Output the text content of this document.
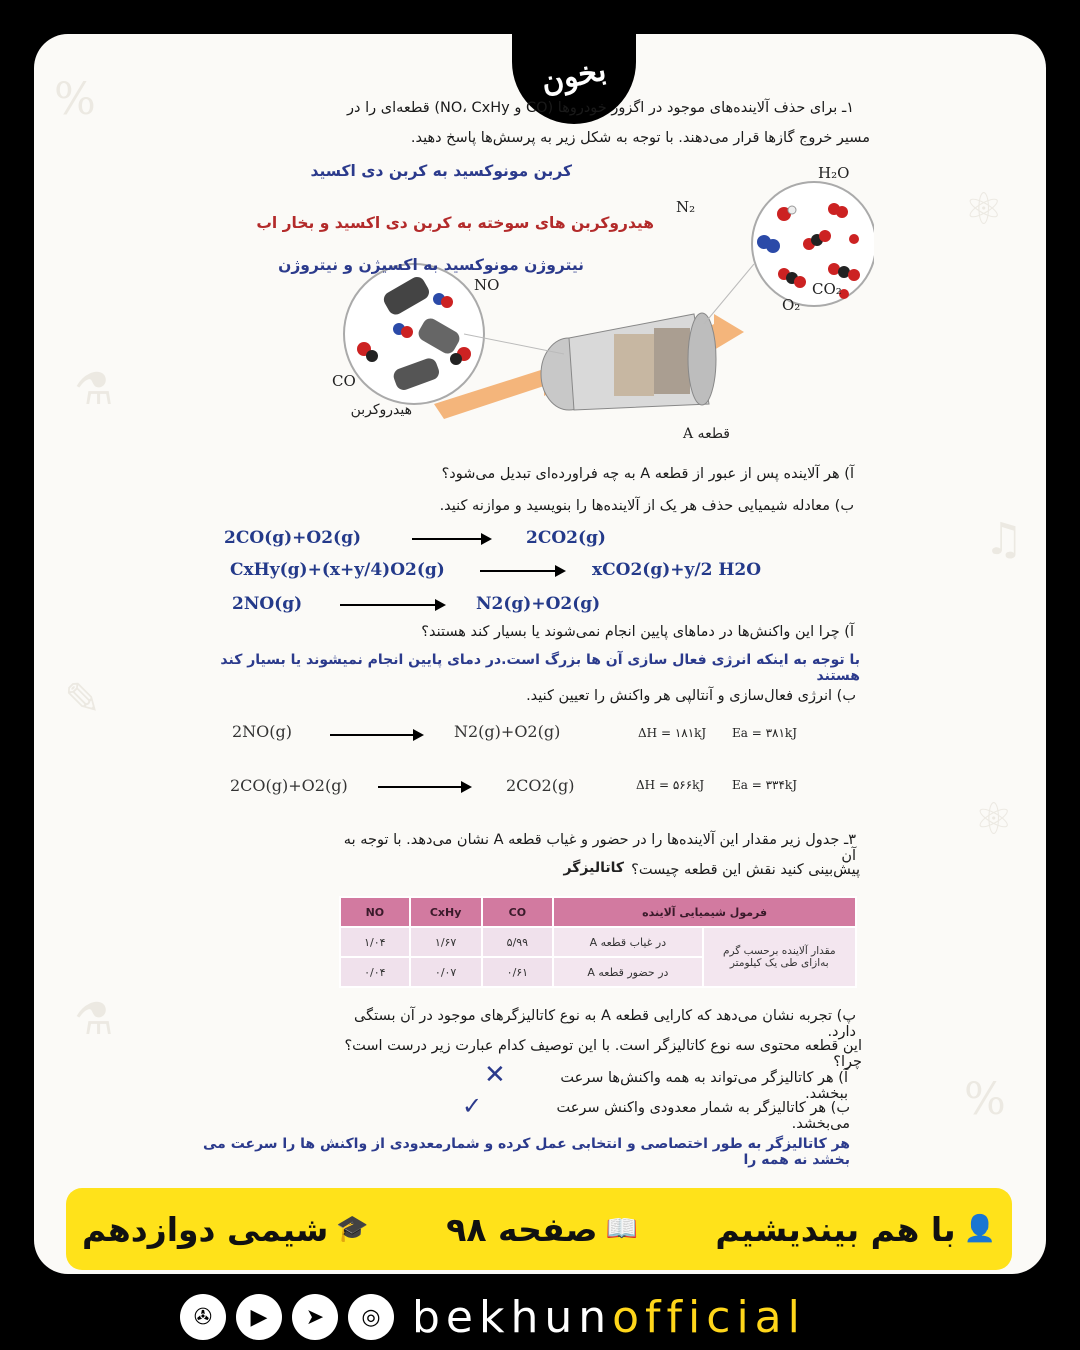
%
⚛
⚗
♫
✎
⚛
⚗
%
بخون
۱ـ برای حذف آلاینده‌های موجود در اگزوز خودروها (CO و NO، CxHy) قطعه‌ای را در
مسیر خروج گازها قرار می‌دهند. با توجه به شکل زیر به پرسش‌ها پاسخ دهید.
کربن مونوکسید به کربن دی اکسید
هیدروکربن های سوخته به کربن دی اکسید و بخار اب
نیتروژن مونوکسید به اکسیژن و نیتروژن
H₂O
N₂
CO₂
O₂
NO
CO
هیدروکربن
قطعه A
آ) هر آلاینده پس از عبور از قطعه A به چه فراورده‌ای تبدیل می‌شود؟
ب) معادله شیمیایی حذف هر یک از آلاینده‌ها را بنویسید و موازنه کنید.
2CO(g)+O2(g)	2CO2(g)
CxHy(g)+(x+y/4)O2(g)	xCO2(g)+y/2 H2O
2NO(g)	N2(g)+O2(g)
آ) چرا این واکنش‌ها در دماهای پایین انجام نمی‌شوند یا بسیار کند هستند؟
با توجه به اینکه انرژی فعال سازی آن ها بزرگ است.در دمای پایین انجام نمیشوند یا بسیار کند هستند
ب) انرژی فعال‌سازی و آنتالپی هر واکنش را تعیین کنید.
2NO(g)	N2(g)+O2(g)	ΔH = ۱۸۱kJ Ea = ۳۸۱kJ
2CO(g)+O2(g)	2CO2(g)	ΔH = ۵۶۶kJ Ea = ۳۳۴kJ
۳ـ جدول زیر مقدار این آلاینده‌ها را در حضور و غیاب قطعه A نشان می‌دهد. با توجه به آن
پیش‌بینی کنید نقش این قطعه چیست؟
کاتالیزگر
NO	CxHy	CO	فرمول شیمیایی آلاینده	
۱/۰۴	۱/۶۷	۵/۹۹	در غیاب قطعه A	مقدار آلاینده برحسب گرم به‌ازای طی یک کیلومتر
۰/۰۴	۰/۰۷	۰/۶۱	در حضور قطعه A	
پ) تجربه نشان می‌دهد که کارایی قطعه A به نوع کاتالیزگرهای موجود در آن بستگی دارد.
این قطعه محتوی سه نوع کاتالیزگر است. با این توصیف کدام عبارت زیر درست است؟ چرا؟
آ) هر کاتالیزگر می‌تواند به همه واکنش‌ها سرعت ببخشد.
✕
ب) هر کاتالیزگر به شمار معدودی واکنش سرعت می‌بخشد.
✓
هر کاتالیزگر به طور اختصاصی و انتخابی عمل کرده و شمارمعدودی از واکنش ها را سرعت می بخشد نه همه را
👤
با هم بیندیشیم
📖
صفحه ۹۸
🎓
شیمی دوازدهم
✇	▶	➤	◎ bekhunofficial
